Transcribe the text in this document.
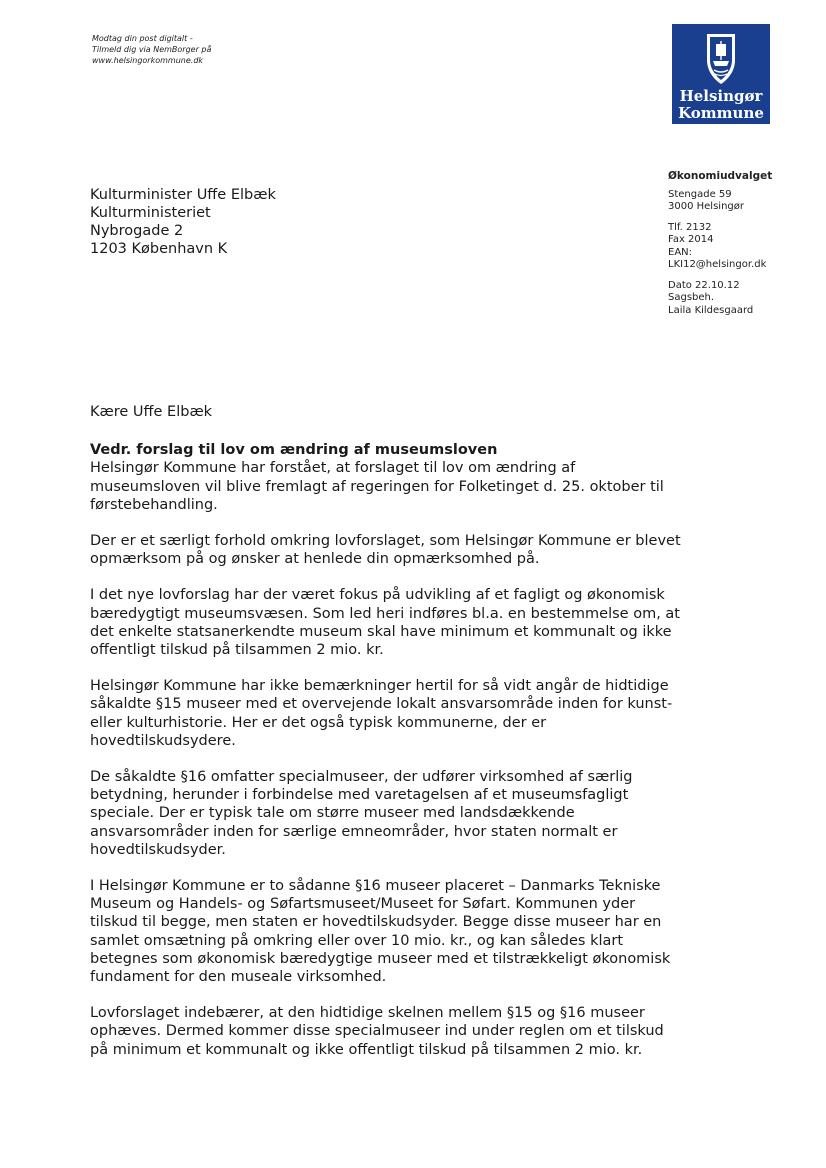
Modtag din post digitalt -
Tilmeld dig via NemBorger på
www.helsingorkommune.dk
Helsingør
Kommune
Kulturminister Uffe Elbæk
Kulturministeriet
Nybrogade 2
1203 København K
Økonomiudvalget
Stengade 59
3000 Helsingør
Tlf. 2132
Fax 2014
EAN:
LKI12@helsingor.dk
Dato 22.10.12
Sagsbeh.
Laila Kildesgaard

Kære Uffe Elbæk

Vedr. forslag til lov om ændring af museumsloven

Helsingør Kommune har forstået, at forslaget til lov om ændring af
museumsloven vil blive fremlagt af regeringen for Folketinget d. 25. oktober til
førstebehandling.

Der er et særligt forhold omkring lovforslaget, som Helsingør Kommune er blevet
opmærksom på og ønsker at henlede din opmærksomhed på.

I det nye lovforslag har der været fokus på udvikling af et fagligt og økonomisk
bæredygtigt museumsvæsen. Som led heri indføres bl.a. en bestemmelse om, at
det enkelte statsanerkendte museum skal have minimum et kommunalt og ikke
offentligt tilskud på tilsammen 2 mio. kr.

Helsingør Kommune har ikke bemærkninger hertil for så vidt angår de hidtidige
såkaldte §15 museer med et overvejende lokalt ansvarsområde inden for kunst-
eller kulturhistorie. Her er det også typisk kommunerne, der er
hovedtilskudsydere.

De såkaldte §16 omfatter specialmuseer, der udfører virksomhed af særlig
betydning, herunder i forbindelse med varetagelsen af et museumsfagligt
speciale. Der er typisk tale om større museer med landsdækkende
ansvarsområder inden for særlige emneområder, hvor staten normalt er
hovedtilskudsyder.

I Helsingør Kommune er to sådanne §16 museer placeret – Danmarks Tekniske
Museum og Handels- og Søfartsmuseet/Museet for Søfart. Kommunen yder
tilskud til begge, men staten er hovedtilskudsyder. Begge disse museer har en
samlet omsætning på omkring eller over 10 mio. kr., og kan således klart
betegnes som økonomisk bæredygtige museer med et tilstrækkeligt økonomisk
fundament for den museale virksomhed.

Lovforslaget indebærer, at den hidtidige skelnen mellem §15 og §16 museer
ophæves. Dermed kommer disse specialmuseer ind under reglen om et tilskud
på minimum et kommunalt og ikke offentligt tilskud på tilsammen 2 mio. kr.
